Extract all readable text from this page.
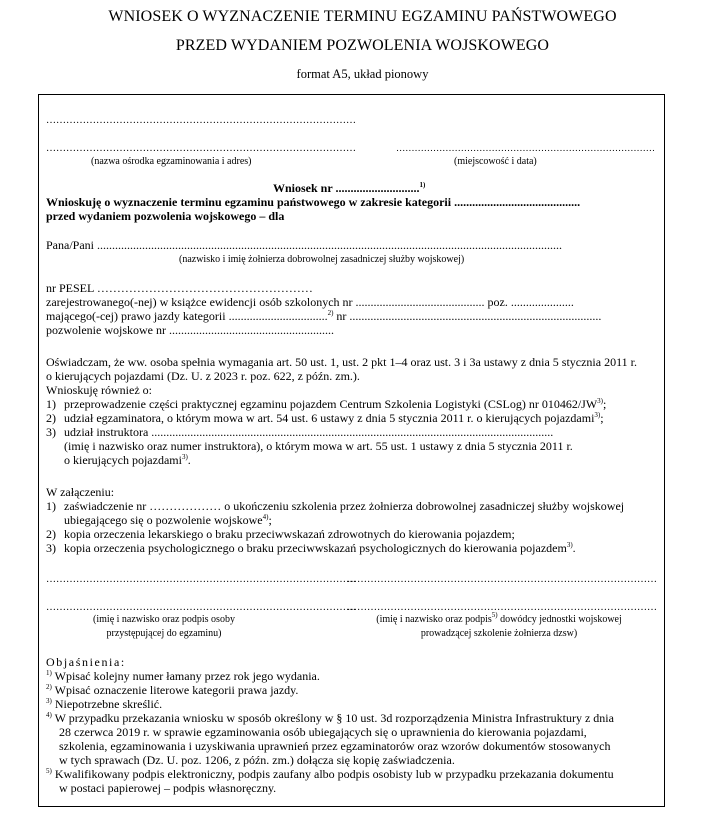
WNIOSEK O WYZNACZENIE TERMINU EGZAMINU PAŃSTWOWEGO
PRZED WYDANIEM POZWOLENIA WOJSKOWEGO
format A5, układ pionowy
…………………………………………………………………………………
…………………………………………………………………………………	…………………………………………………………………………
(nazwa ośrodka egzaminowania i adres)	(miejscowość i data)
Wniosek nr ............................$^{1)}$
Wnioskuję o wyznaczenie terminu egzaminu państwowego w zakresie kategorii ..........................................
przed wydaniem pozwolenia wojskowego – dla
Pana/Pani ...........................................................................................................................................................
(nazwisko i imię żołnierza dobrowolnej zasadniczej służby wojskowej)
nr PESEL ………………………………………………
zarejestrowanego(-nej) w książce ewidencji osób szkolonych nr ........................................... poz. .....................
mającego(-cej) prawo jazdy kategorii .................................$^{2)}$ nr ....................................................................................
pozwolenie wojskowe nr .......................................................
Oświadczam, że ww. osoba spełnia wymagania art. 50 ust. 1, ust. 2 pkt 1–4 oraz ust. 3 i 3a ustawy z dnia 5 stycznia 2011 r.
o kierujących pojazdami (Dz. U. z 2023 r. poz. 622, z późn. zm.).
Wnioskuję również o:
1) przeprowadzenie części praktycznej egzaminu pojazdem Centrum Szkolenia Logistyki (CSLog) nr 010462/JW$^{3)}$;
2) udział egzaminatora, o którym mowa w art. 54 ust. 6 ustawy z dnia 5 stycznia 2011 r. o kierujących pojazdami$^{3)}$;
3) udział instruktora ......................................................................................................................................
(imię i nazwisko oraz numer instruktora), o którym mowa w art. 55 ust. 1 ustawy z dnia 5 stycznia 2011 r.
o kierujących pojazdami$^{3)}$.
W załączeniu:
1) zaświadczenie nr ……………… o ukończeniu szkolenia przez żołnierza dobrowolnej zasadniczej służby wojskowej
ubiegającego się o pozwolenie wojskowe$^{4)}$;
2) kopia orzeczenia lekarskiego o braku przeciwwskazań zdrowotnych do kierowania pojazdem;
3) kopia orzeczenia psychologicznego o braku przeciwwskazań psychologicznych do kierowania pojazdem$^{3)}$.
…………………………………………………………………………………
…………………………………………………………………………………
…………………………………………………………………………………
…………………………………………………………………………………
(imię i nazwisko oraz podpis osoby
przystępującej do egzaminu)
(imię i nazwisko oraz podpis$^{5)}$ dowódcy jednostki wojskowej
prowadzącej szkolenie żołnierza dzsw)
Objaśnienia:
$^{1)}$ Wpisać kolejny numer łamany przez rok jego wydania.
$^{2)}$ Wpisać oznaczenie literowe kategorii prawa jazdy.
$^{3)}$ Niepotrzebne skreślić.
$^{4)}$ W przypadku przekazania wniosku w sposób określony w § 10 ust. 3d rozporządzenia Ministra Infrastruktury z dnia
28 czerwca 2019 r. w sprawie egzaminowania osób ubiegających się o uprawnienia do kierowania pojazdami,
szkolenia, egzaminowania i uzyskiwania uprawnień przez egzaminatorów oraz wzorów dokumentów stosowanych
w tych sprawach (Dz. U. poz. 1206, z późn. zm.) dołącza się kopię zaświadczenia.
$^{5)}$ Kwalifikowany podpis elektroniczny, podpis zaufany albo podpis osobisty lub w przypadku przekazania dokumentu
w postaci papierowej – podpis własnoręczny.
